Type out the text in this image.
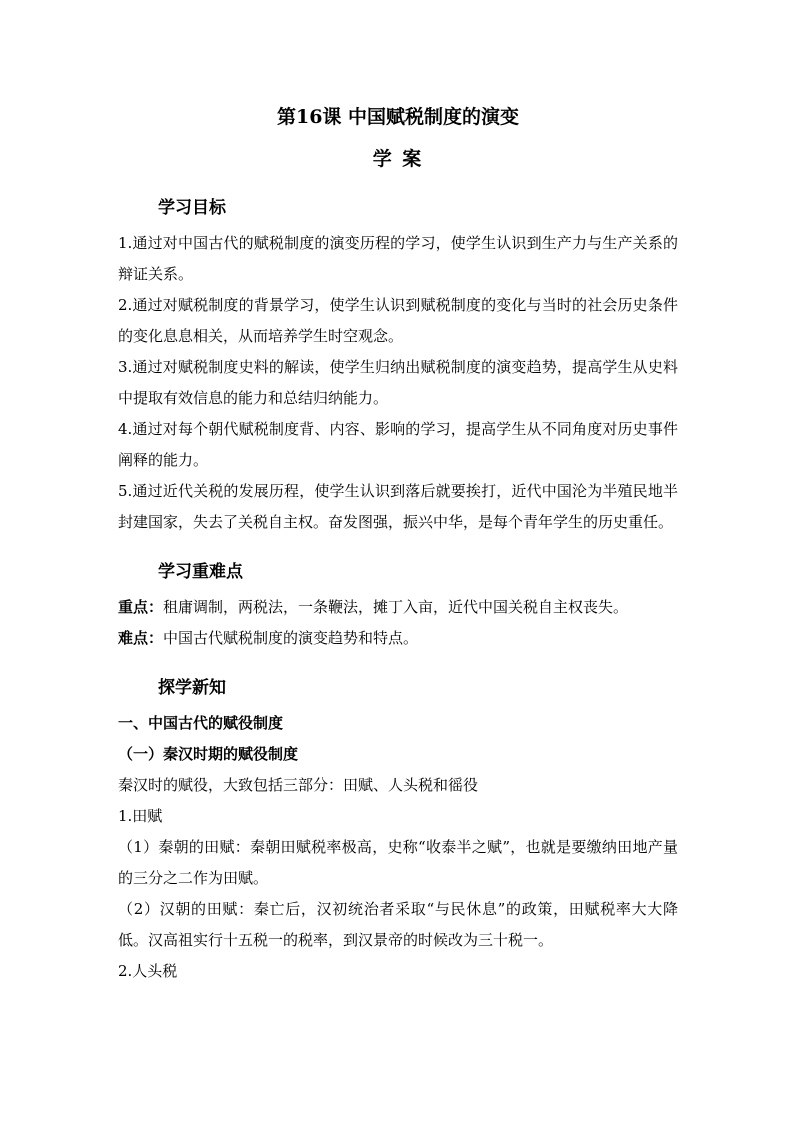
第16课 中国赋税制度的演变
学 案
学习目标

1.通过对中国古代的赋税制度的演变历程的学习，使学生认识到生产力与生产关系的辩证关系。

2.通过对赋税制度的背景学习，使学生认识到赋税制度的变化与当时的社会历史条件的变化息息相关，从而培养学生时空观念。

3.通过对赋税制度史料的解读，使学生归纳出赋税制度的演变趋势，提高学生从史料中提取有效信息的能力和总结归纳能力。

4.通过对每个朝代赋税制度背、内容、影响的学习，提高学生从不同角度对历史事件阐释的能力。

5.通过近代关税的发展历程，使学生认识到落后就要挨打，近代中国沦为半殖民地半封建国家，失去了关税自主权。奋发图强，振兴中华，是每个青年学生的历史重任。

学习重难点

重点：租庸调制，两税法，一条鞭法，摊丁入亩，近代中国关税自主权丧失。

难点：中国古代赋税制度的演变趋势和特点。

探学新知

一、中国古代的赋役制度

（一）秦汉时期的赋役制度

秦汉时的赋役，大致包括三部分：田赋、人头税和徭役

1.田赋

（1）秦朝的田赋：秦朝田赋税率极高，史称“收泰半之赋”，也就是要缴纳田地产量的三分之二作为田赋。

（2）汉朝的田赋：秦亡后，汉初统治者采取“与民休息”的政策，田赋税率大大降低。汉高祖实行十五税一的税率，到汉景帝的时候改为三十税一。

2.人头税
